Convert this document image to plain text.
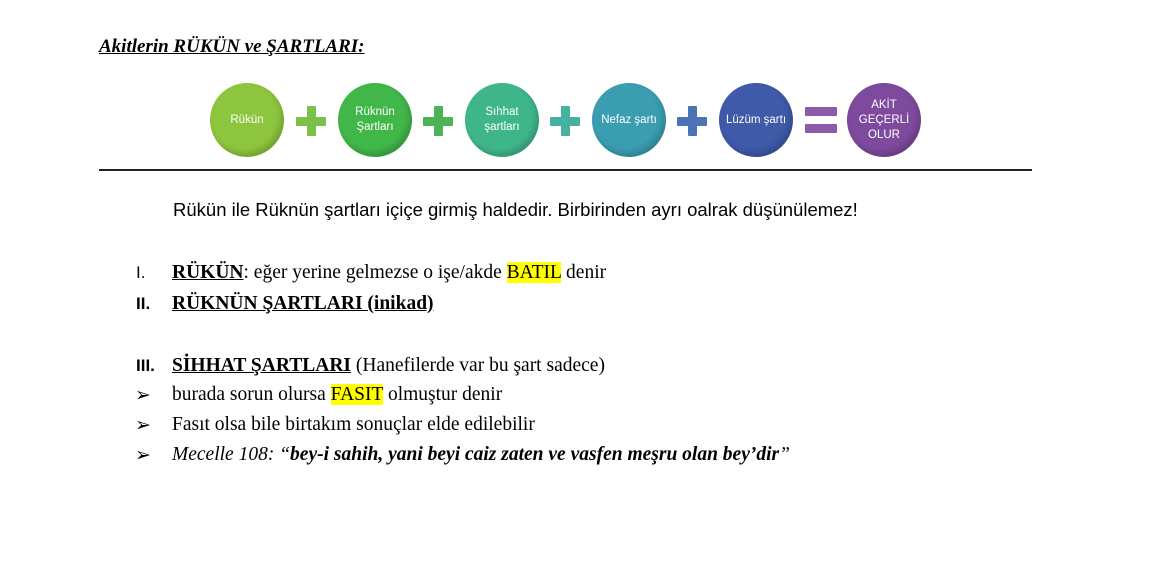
Akitlerin RÜKÜN ve ŞARTLARI:
Rükün
Rüknün
Şartları
Sıhhat
şartları
Nefaz şartı	Lüzüm şartı
AKİT
GEÇERLİ
OLUR
Rükün ile Rüknün şartları içiçe girmiş haldedir. Birbirinden ayrı oalrak düşünülemez!
I. RÜKÜN: eğer yerine gelmezse o işe/akde BATIL denir
II. RÜKNÜN ŞARTLARI (inikad)
III. SİHHAT ŞARTLARI (Hanefilerde var bu şart sadece)
➢ burada sorun olursa FASIT olmuştur denir
➢ Fasıt olsa bile birtakım sonuçlar elde edilebilir
➢ Mecelle 108: “bey-i sahih, yani beyi caiz zaten ve vasfen meşru olan bey’dir”
